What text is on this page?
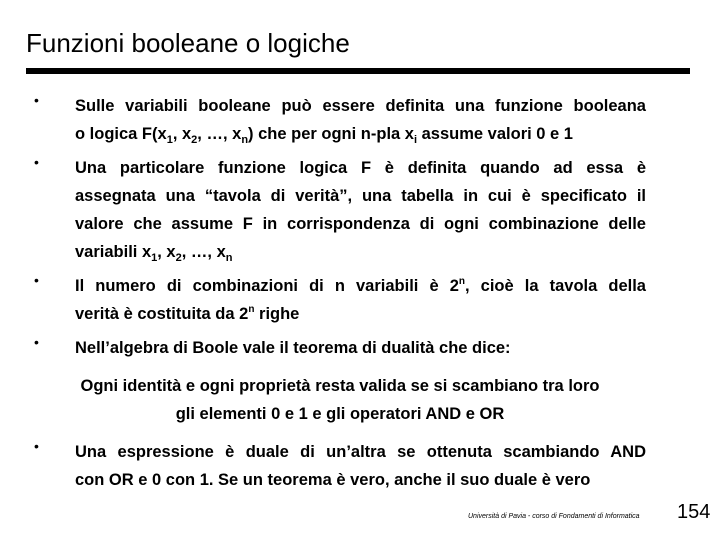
Funzioni booleane o logiche
• Sulle variabili booleane può essere definita una funzione booleana
o logica $F(x_1$, $x_2$, …, $x_n$) che per ogni n-pla $x_i$ assume valori 0 e 1
• Una particolare funzione logica F è definita quando ad essa è
assegnata una “tavola di verità”, una tabella in cui è specificato il
valore che assume F in corrispondenza di ogni combinazione delle
variabili $x_1$, $x_2$, …, $x_n$
• Il numero di combinazioni di n variabili è 2$^n$, cioè la tavola della
verità è costituita da 2$^n$ righe
• Nell’algebra di Boole vale il teorema di dualità che dice:
Ogni identità e ogni proprietà resta valida se si scambiano tra loro
gli elementi 0 e 1 e gli operatori AND e OR
• Una espressione è duale di un’altra se ottenuta scambiando AND
con OR e 0 con 1. Se un teorema è vero, anche il suo duale è vero
Università di Pavia - corso di Fondamenti di Informatica 154
